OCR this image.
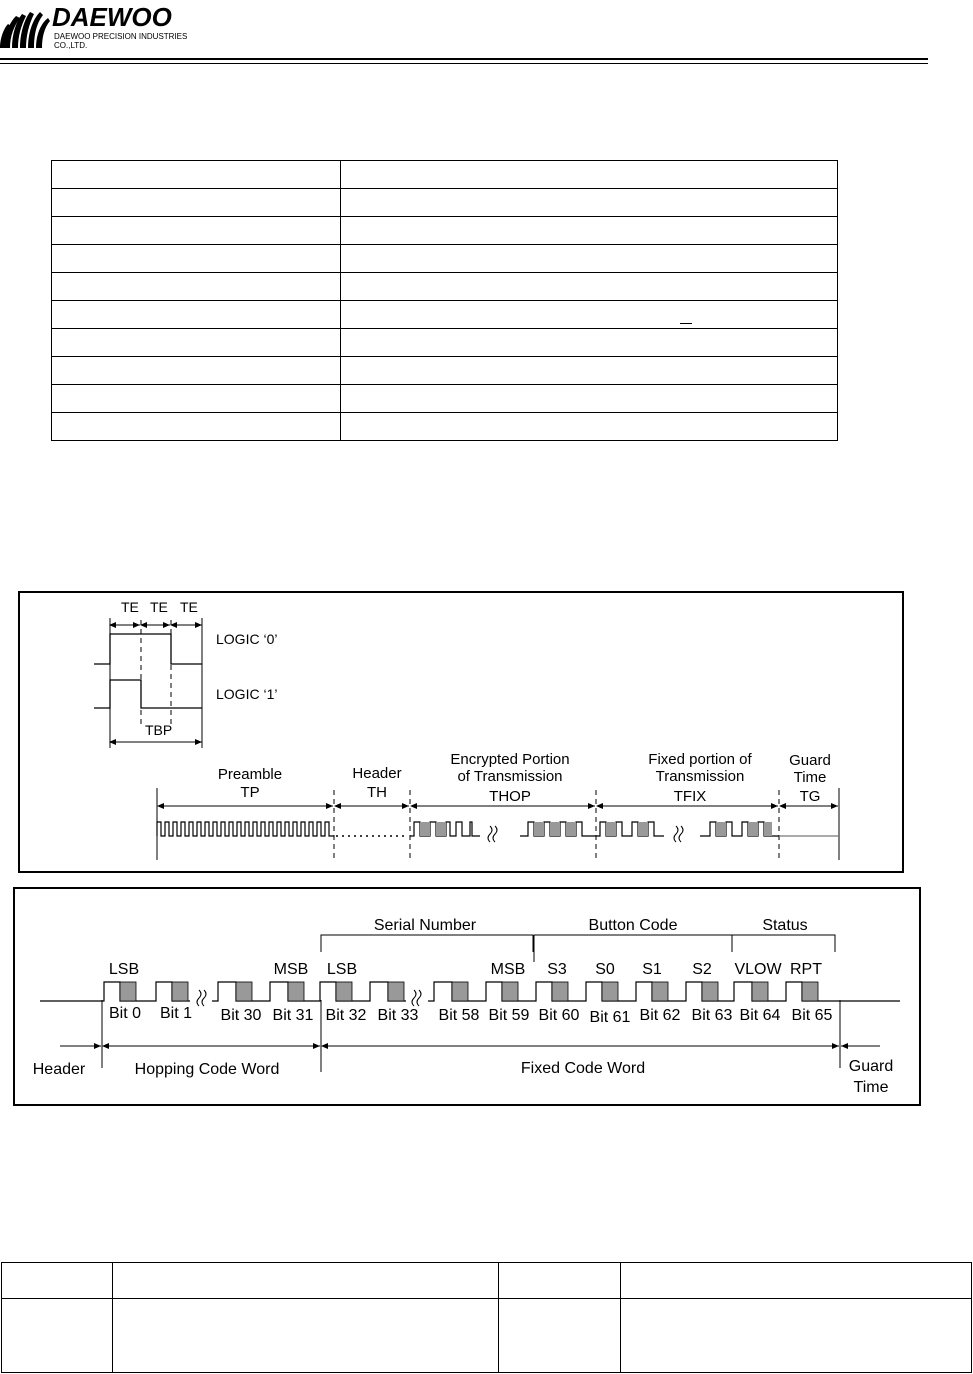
DAEWOO
DAEWOO PRECISION INDUSTRIES
CO.,LTD.

TE TE TE
LOGIC ‘0’
LOGIC ‘1’
TBP
Preamble
TP
Header
TH
Encrypted Portion
of Transmission
THOP
Fixed portion of
Transmission
TFIX
Guard
Time
TG
Serial Number	Button Code	Status
LSB	MSB LSB	MSB S3 S0 S1 S2 VLOW RPT
Bit 0 Bit 1 Bit 30 Bit 31 Bit 32 Bit 33 Bit 58 Bit 59 Bit 60 Bit 61 Bit 62 Bit 63 Bit 64 Bit 65
Header	Hopping Code Word	Fixed Code Word	Guard
Time
